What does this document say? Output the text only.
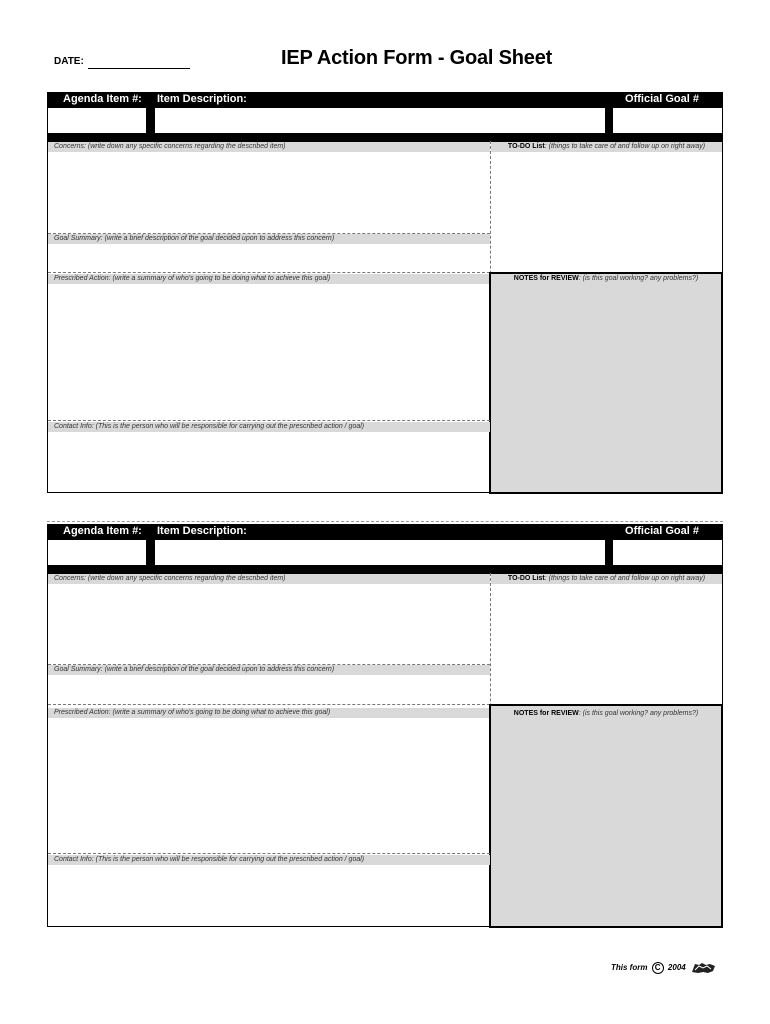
DATE:	IEP Action Form - Goal Sheet
Agenda Item #: Item Description:	Official Goal #
Concerns: (write down any specific concerns regarding the described item)	TO-DO List: (things to take care of and follow up on right away)
Goal Summary: (write a brief description of the goal decided upon to address this concern)
Prescribed Action: (write a summary of who's going to be doing what to achieve this goal)	NOTES for REVIEW: (is this goal working? any problems?)
Contact Info: (This is the person who will be responsible for carrying out the prescribed action / goal)
Agenda Item #: Item Description:	Official Goal #
Concerns: (write down any specific concerns regarding the described item)	TO-DO List: (things to take care of and follow up on right away)
Goal Summary: (write a brief description of the goal decided upon to address this concern)
Prescribed Action: (write a summary of who's going to be doing what to achieve this goal)	NOTES for REVIEW: (is this goal working? any problems?)
Contact Info: (This is the person who will be responsible for carrying out the prescribed action / goal)
This form C 2004
